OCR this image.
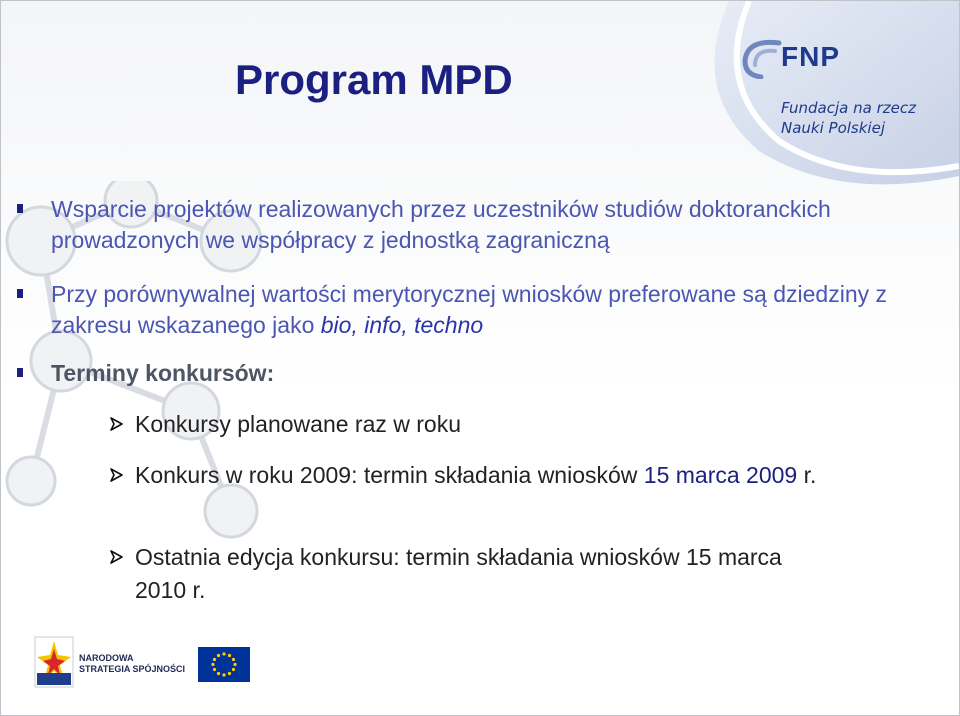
FNP
Fundacja na rzecz
Nauki Polskiej
Program MPD
Wsparcie projektów realizowanych przez uczestników studiów doktoranckich prowadzonych we współpracy z jednostką zagraniczną
Przy porównywalnej wartości merytorycznej wniosków preferowane są dziedziny z zakresu wskazanego jako bio, info, techno
Terminy konkursów:
Konkursy planowane raz w roku
Konkurs w roku 2009: termin składania wniosków 15 marca 2009 r.
Ostatnia edycja konkursu: termin składania wniosków 15 marca 2010 r.
NARODOWA
STRATEGIA SPÓJNOŚCI
